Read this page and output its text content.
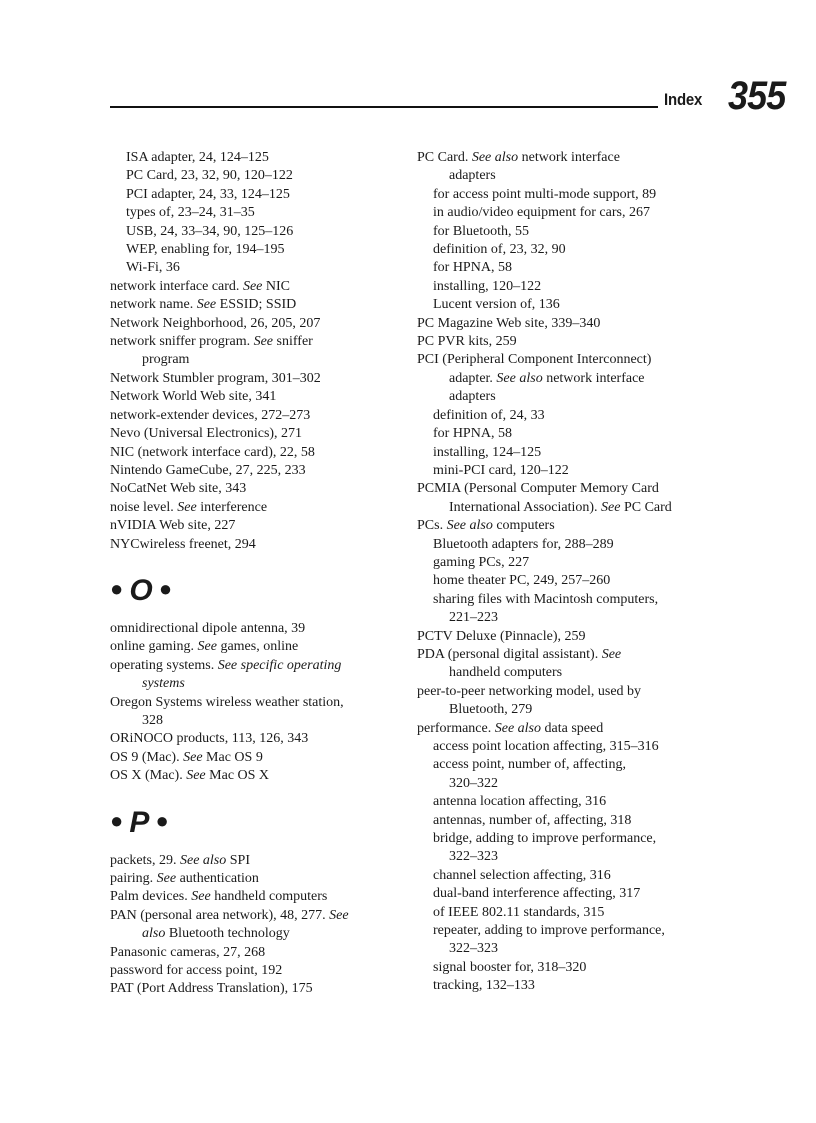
Index 355
ISA adapter, 24, 124–125
PC Card, 23, 32, 90, 120–122
PCI adapter, 24, 33, 124–125
types of, 23–24, 31–35
USB, 24, 33–34, 90, 125–126
WEP, enabling for, 194–195
Wi-Fi, 36
network interface card. See NIC
network name. See ESSID; SSID
Network Neighborhood, 26, 205, 207
network sniffer program. See sniffer
program
Network Stumbler program, 301–302
Network World Web site, 341
network-extender devices, 272–273
Nevo (Universal Electronics), 271
NIC (network interface card), 22, 58
Nintendo GameCube, 27, 225, 233
NoCatNet Web site, 343
noise level. See interference
nVIDIA Web site, 227
NYCwireless freenet, 294
● O ●
omnidirectional dipole antenna, 39
online gaming. See games, online
operating systems. See specific operating
systems
Oregon Systems wireless weather station,
328
ORiNOCO products, 113, 126, 343
OS 9 (Mac). See Mac OS 9
OS X (Mac). See Mac OS X
● P ●
packets, 29. See also SPI
pairing. See authentication
Palm devices. See handheld computers
PAN (personal area network), 48, 277. See
also Bluetooth technology
Panasonic cameras, 27, 268
password for access point, 192
PAT (Port Address Translation), 175
PC Card. See also network interface
adapters
for access point multi-mode support, 89
in audio/video equipment for cars, 267
for Bluetooth, 55
definition of, 23, 32, 90
for HPNA, 58
installing, 120–122
Lucent version of, 136
PC Magazine Web site, 339–340
PC PVR kits, 259
PCI (Peripheral Component Interconnect)
adapter. See also network interface
adapters
definition of, 24, 33
for HPNA, 58
installing, 124–125
mini-PCI card, 120–122
PCMIA (Personal Computer Memory Card
International Association). See PC Card
PCs. See also computers
Bluetooth adapters for, 288–289
gaming PCs, 227
home theater PC, 249, 257–260
sharing files with Macintosh computers,
221–223
PCTV Deluxe (Pinnacle), 259
PDA (personal digital assistant). See
handheld computers
peer-to-peer networking model, used by
Bluetooth, 279
performance. See also data speed
access point location affecting, 315–316
access point, number of, affecting,
320–322
antenna location affecting, 316
antennas, number of, affecting, 318
bridge, adding to improve performance,
322–323
channel selection affecting, 316
dual-band interference affecting, 317
of IEEE 802.11 standards, 315
repeater, adding to improve performance,
322–323
signal booster for, 318–320
tracking, 132–133
